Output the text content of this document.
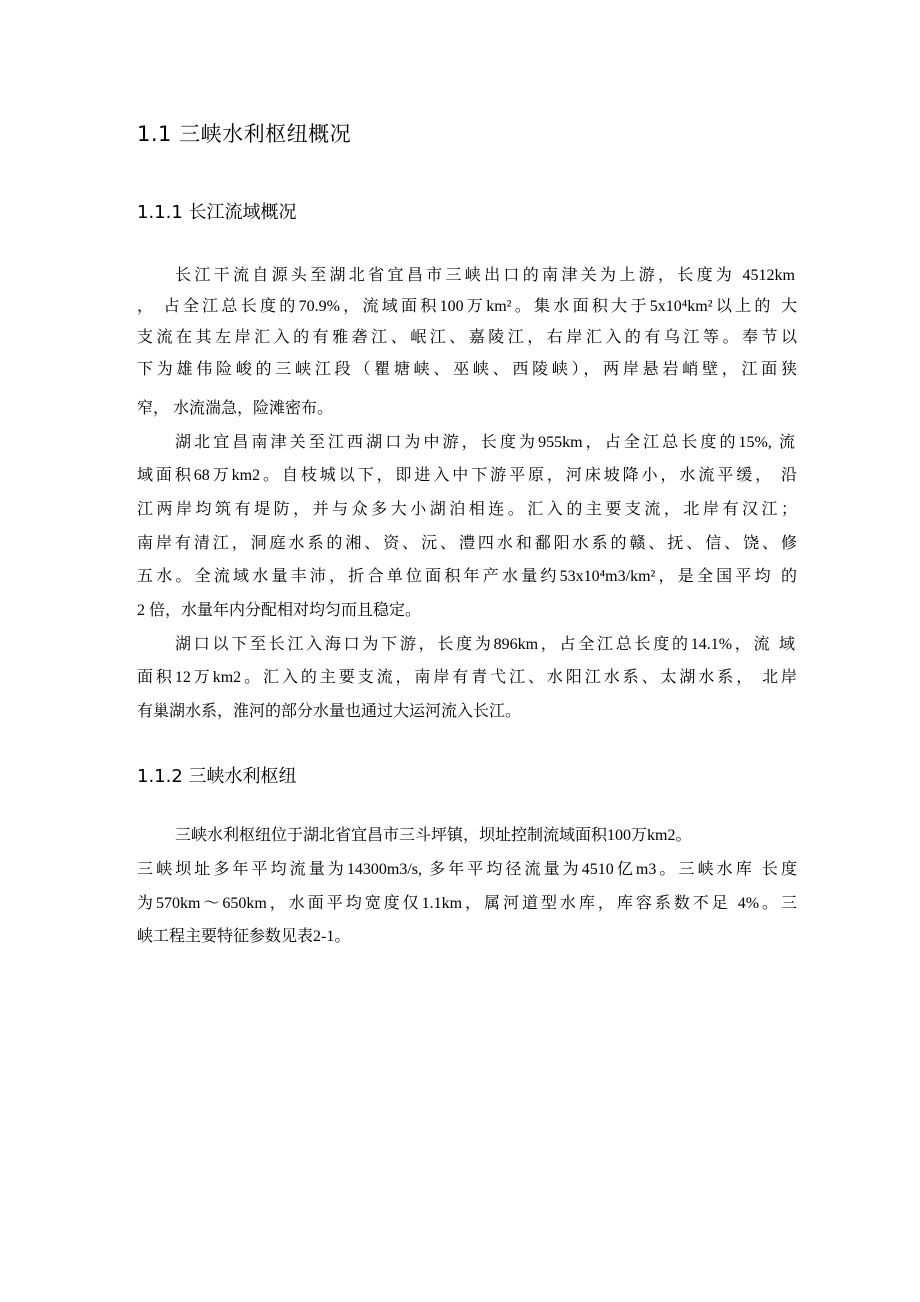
1.1 三峡水利枢纽概况
1.1.1 长江流域概况
长江干流自源头至湖北省宜昌市三峡出口的南津关为上游，长度为 4512km
， 占全江总长度的70.9%，流域面积100万km²。集水面积大于5x10⁴km²以上的 大
支流在其左岸汇入的有雅砻江、岷江、嘉陵江，右岸汇入的有乌江等。奉节以
下为雄伟险峻的三峡江段（瞿塘峡、巫峡、西陵峡），两岸悬岩峭壁，江面狭
窄， 水流湍急，险滩密布。
湖北宜昌南津关至江西湖口为中游，长度为955km，占全江总长度的15%, 流
域面积68万km2。自枝城以下，即进入中下游平原，河床坡降小，水流平缓， 沿
江两岸均筑有堤防，并与众多大小湖泊相连。汇入的主要支流，北岸有汉江；
南岸有清江，洞庭水系的湘、资、沅、澧四水和鄱阳水系的赣、抚、信、饶、修
五水。全流域水量丰沛，折合单位面积年产水量约53x10⁴m3/km²，是全国平均 的
2 倍，水量年内分配相对均匀而且稳定。
湖口以下至长江入海口为下游，长度为896km，占全江总长度的14.1%，流 域
面积12万km2。汇入的主要支流，南岸有青弋江、水阳江水系、太湖水系， 北岸
有巢湖水系，淮河的部分水量也通过大运河流入长江。
1.1.2 三峡水利枢纽
三峡水利枢纽位于湖北省宜昌市三斗坪镇，坝址控制流域面积100万km2。
三峡坝址多年平均流量为14300m3/s, 多年平均径流量为4510亿m3。三峡水库 长度
为570km～650km，水面平均宽度仅1.1km，属河道型水库，库容系数不足 4%。三
峡工程主要特征参数见表2-1。
